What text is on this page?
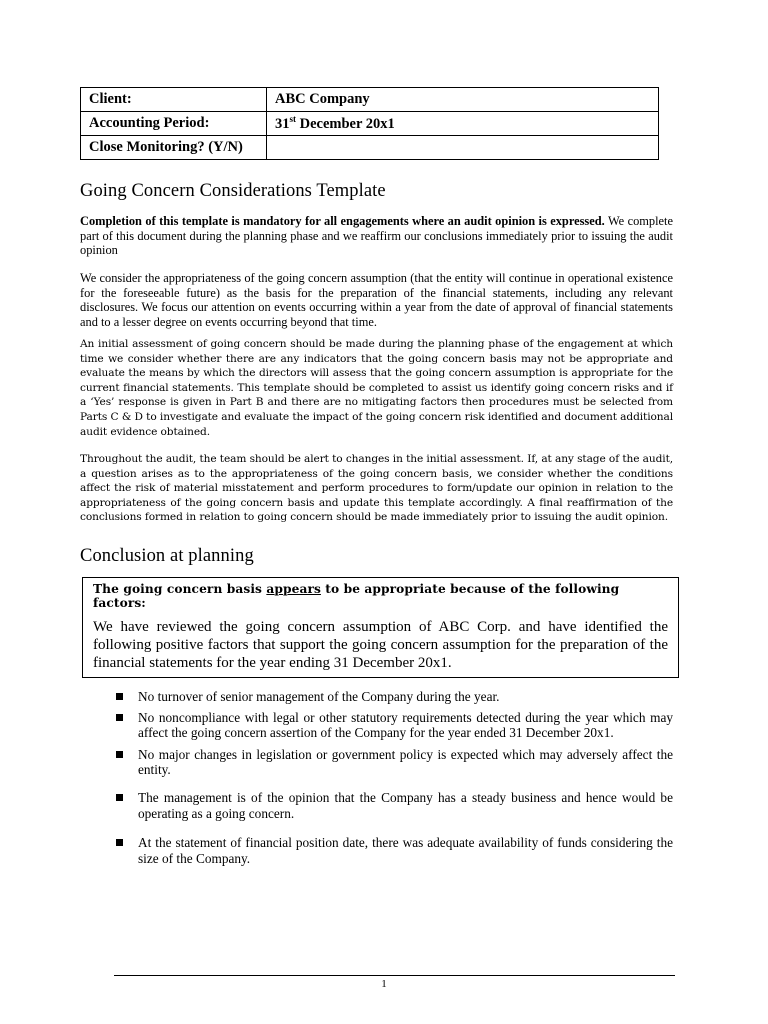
Client:	ABC Company
Accounting Period:	31st December 20x1
Close Monitoring? (Y/N)	
Going Concern Considerations Template

Completion of this template is mandatory for all engagements where an audit opinion is expressed. We complete part of this document during the planning phase and we reaffirm our conclusions immediately prior to issuing the audit opinion

We consider the appropriateness of the going concern assumption (that the entity will continue in operational existence for the foreseeable future) as the basis for the preparation of the financial statements, including any relevant disclosures. We focus our attention on events occurring within a year from the date of approval of financial statements and to a lesser degree on events occurring beyond that time.

An initial assessment of going concern should be made during the planning phase of the engagement at which time we consider whether there are any indicators that the going concern basis may not be appropriate and evaluate the means by which the directors will assess that the going concern assumption is appropriate for the current financial statements. This template should be completed to assist us identify going concern risks and if a ‘Yes’ response is given in Part B and there are no mitigating factors then procedures must be selected from Parts C & D to investigate and evaluate the impact of the going concern risk identified and document additional audit evidence obtained.

Throughout the audit, the team should be alert to changes in the initial assessment. If, at any stage of the audit, a question arises as to the appropriateness of the going concern basis, we consider whether the conditions affect the risk of material misstatement and perform procedures to form/update our opinion in relation to the appropriateness of the going concern basis and update this template accordingly. A final reaffirmation of the conclusions formed in relation to going concern should be made immediately prior to issuing the audit opinion.

Conclusion at planning

The going concern basis appears to be appropriate because of the following factors:

We have reviewed the going concern assumption of ABC Corp. and have identified the following positive factors that support the going concern assumption for the preparation of the financial statements for the year ending 31 December 20x1.

No turnover of senior management of the Company during the year.
No noncompliance with legal or other statutory requirements detected during the year which may affect the going concern assertion of the Company for the year ended 31 December 20x1.
No major changes in legislation or government policy is expected which may adversely affect the entity.
The management is of the opinion that the Company has a steady business and hence would be operating as a going concern.
At the statement of financial position date, there was adequate availability of funds considering the size of the Company.
1
